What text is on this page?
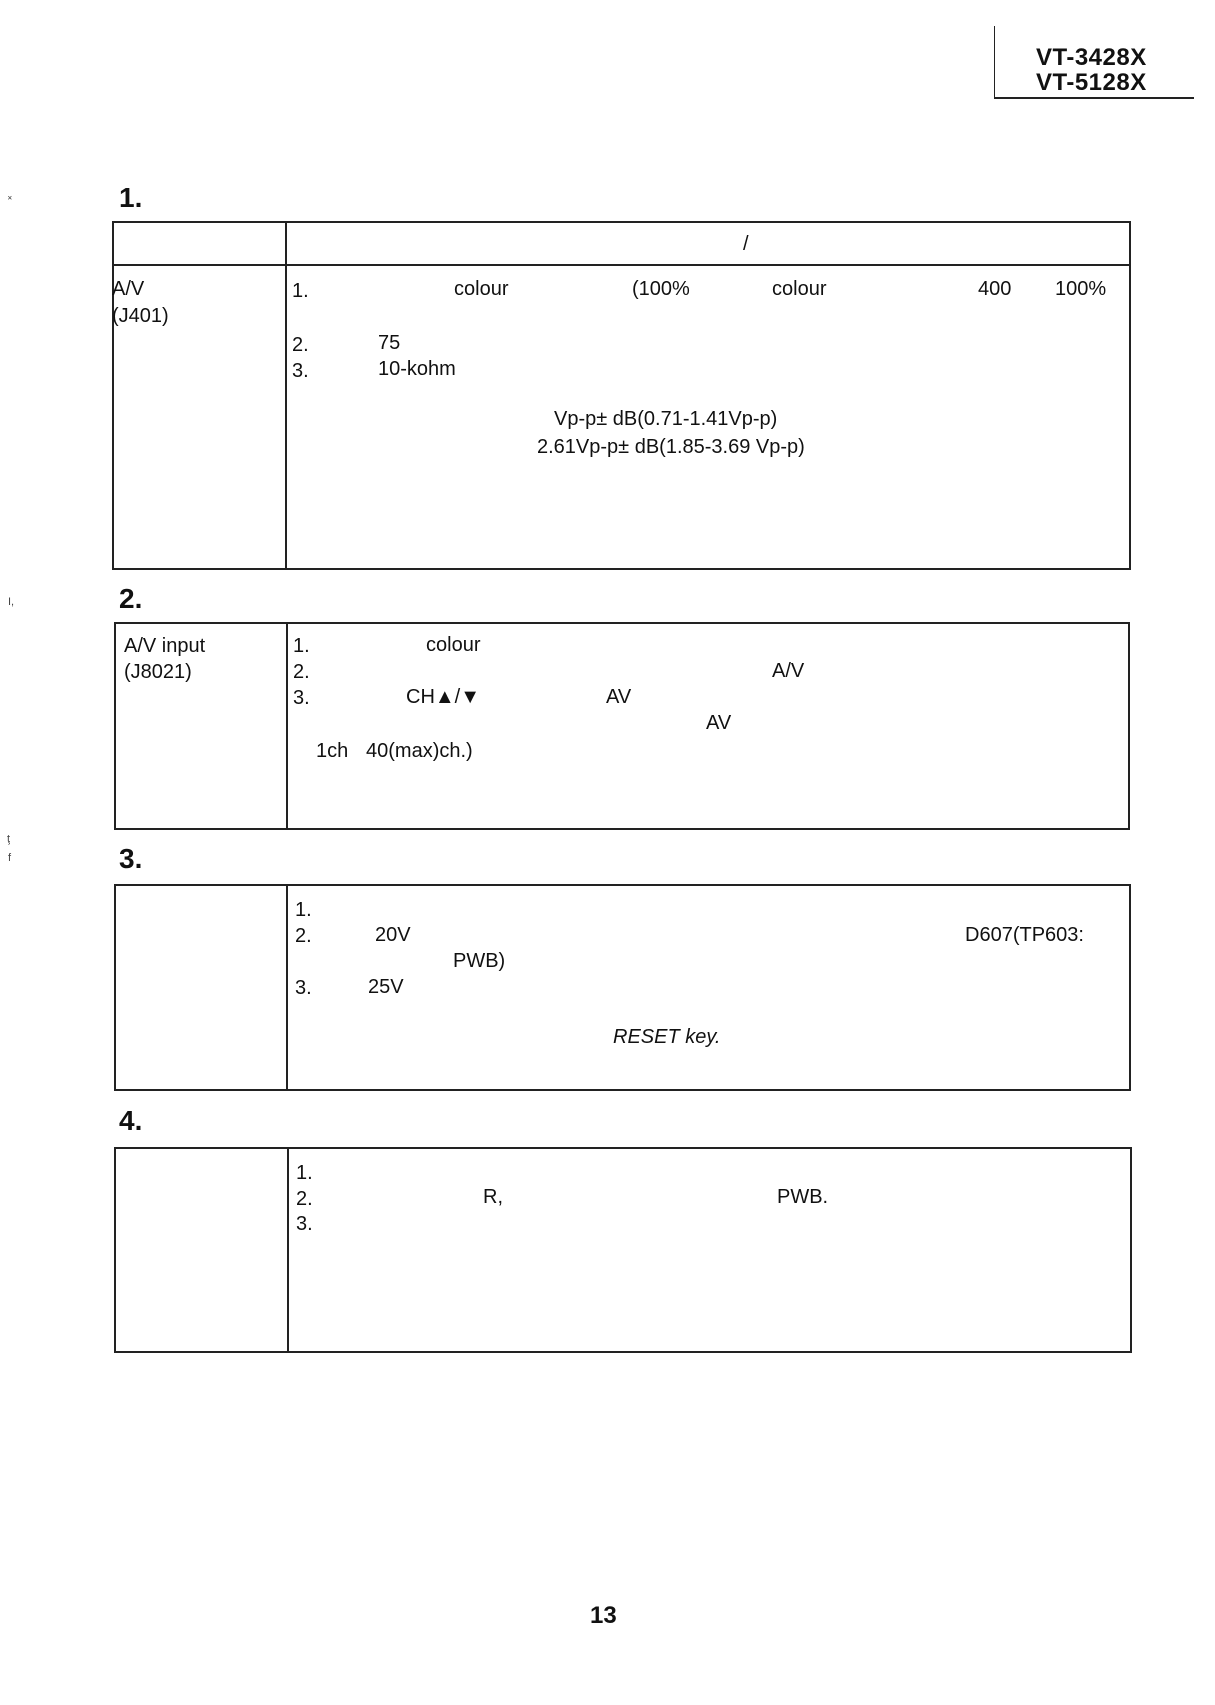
VT-3428X
VT-5128X
˟
I,
ţ
f
1.
/
A/V
(J401)
1.	colour	(100%	colour	400 100%
2.	75
3.	10-kohm
Vp-p± dB(0.71-1.41Vp-p)
2.61Vp-p± dB(1.85-3.69 Vp-p)
2.
A/V input
(J8021)
1.	colour
2.	A/V
3.	CH▲/▼	AV
AV
1ch 40(max)ch.)
3.
1.
2.	20V	D607(TP603:
PWB)
3.	25V
RESET key.
4.
1.
2.	R,	PWB.
3.
13
